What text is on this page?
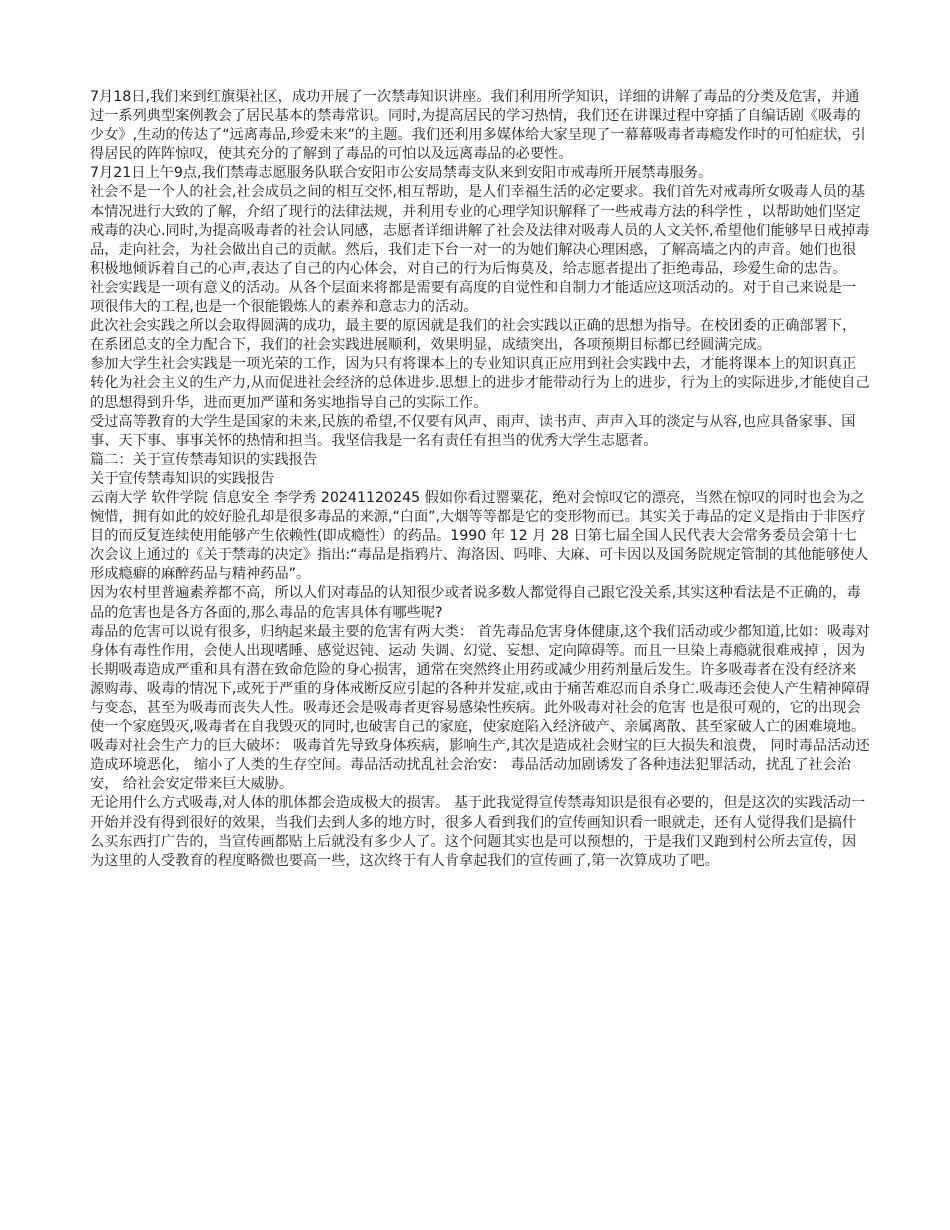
7月18日,我们来到红旗渠社区，成功开展了一次禁毒知识讲座。我们利用所学知识，详细的讲解了毒品的分类及危害，并通过一系列典型案例教会了居民基本的禁毒常识。同时,为提高居民的学习热情，我们还在讲课过程中穿插了自编话剧《吸毒的少女》,生动的传达了“远离毒品,珍爱未来”的主题。我们还利用多媒体给大家呈现了一幕幕吸毒者毒瘾发作时的可怕症状，引得居民的阵阵惊叹，使其充分的了解到了毒品的可怕以及远离毒品的必要性。

7月21日上午9点,我们禁毒志愿服务队联合安阳市公安局禁毒支队来到安阳市戒毒所开展禁毒服务。

社会不是一个人的社会,社会成员之间的相互交怀,相互帮助，是人们幸福生活的必定要求。我们首先对戒毒所女吸毒人员的基本情况进行大致的了解，介绍了现行的法律法规，并利用专业的心理学知识解释了一些戒毒方法的科学性 ，以帮助她们坚定戒毒的决心.同时,为提高吸毒者的社会认同感，志愿者详细讲解了社会及法律对吸毒人员的人文关怀,希望他们能够早日戒掉毒品，走向社会，为社会做出自己的贡献。然后，我们走下台一对一的为她们解决心理困惑，了解高墙之内的声音。她们也很积极地倾诉着自己的心声,表达了自己的内心体会，对自己的行为后悔莫及，给志愿者提出了拒绝毒品，珍爱生命的忠告。

社会实践是一项有意义的活动。从各个层面来将都是需要有高度的自觉性和自制力才能适应这项活动的。对于自己来说是一项很伟大的工程,也是一个很能锻炼人的素养和意志力的活动。

此次社会实践之所以会取得圆满的成功，最主要的原因就是我们的社会实践以正确的思想为指导。在校团委的正确部署下，在系团总支的全力配合下，我们的社会实践进展顺利，效果明显，成绩突出，各项预期目标都已经圆满完成。

参加大学生社会实践是一项光荣的工作，因为只有将课本上的专业知识真正应用到社会实践中去，才能将课本上的知识真正转化为社会主义的生产力,从而促进社会经济的总体进步.思想上的进步才能带动行为上的进步，行为上的实际进步,才能使自己的思想得到升华，进而更加严谨和务实地指导自己的实际工作。

受过高等教育的大学生是国家的未来,民族的希望,不仅要有风声、雨声、读书声、声声入耳的淡定与从容,也应具备家事、国事、天下事、事事关怀的热情和担当。我坚信我是一名有责任有担当的优秀大学生志愿者。

篇二：关于宣传禁毒知识的实践报告

关于宣传禁毒知识的实践报告

云南大学 软件学院 信息安全 李学秀 20241120245 假如你看过罂粟花，绝对会惊叹它的漂亮，当然在惊叹的同时也会为之惋惜，拥有如此的姣好脸孔却是很多毒品的来源,“白面”,大烟等等都是它的变形物而已。其实关于毒品的定义是指由于非医疗目的而反复连续使用能够产生依赖性(即成瘾性）的药品。1990 年 12 月 28 日第七届全国人民代表大会常务委员会第十七次会议上通过的《关于禁毒的决定》指出:“毒品是指鸦片、海洛因、吗啡、大麻、可卡因以及国务院规定管制的其他能够使人形成瘾癖的麻醉药品与精神药品”。

因为农村里普遍素养都不高，所以人们对毒品的认知很少或者说多数人都觉得自己跟它没关系,其实这种看法是不正确的，毒品的危害也是各方各面的,那么毒品的危害具体有哪些呢?

毒品的危害可以说有很多，归纳起来最主要的危害有两大类： 首先毒品危害身体健康,这个我们活动或少都知道,比如：吸毒对身体有毒性作用，会使人出现嗜睡、感觉迟钝、运动 失调、幻觉、妄想、定向障碍等。而且一旦染上毒瘾就很难戒掉 ，因为长期吸毒造成严重和具有潜在致命危险的身心损害，通常在突然终止用药或减少用药剂量后发生。许多吸毒者在没有经济来源购毒、吸毒的情况下,或死于严重的身体戒断反应引起的各种并发症,或由于痛苦难忍而自杀身亡.吸毒还会使人产生精神障碍与变态，甚至为吸毒而丧失人性。吸毒还会是吸毒者更容易感染性疾病。此外吸毒对社会的危害 也是很可观的，它的出现会使一个家庭毁灭,吸毒者在自我毁灭的同时,也破害自己的家庭，使家庭陷入经济破产、亲属离散、甚至家破人亡的困难境地。吸毒对社会生产力的巨大破坏： 吸毒首先导致身体疾病，影响生产,其次是造成社会财宝的巨大损失和浪费， 同时毒品活动还造成环境恶化， 缩小了人类的生存空间。毒品活动扰乱社会治安： 毒品活动加剧诱发了各种违法犯罪活动，扰乱了社会治安， 给社会安定带来巨大威胁。

无论用什么方式吸毒,对人体的肌体都会造成极大的损害。 基于此我觉得宣传禁毒知识是很有必要的，但是这次的实践活动一开始并没有得到很好的效果，当我们去到人多的地方时，很多人看到我们的宣传画知识看一眼就走，还有人觉得我们是搞什么买东西打广告的，当宣传画都贴上后就没有多少人了。这个问题其实也是可以预想的，于是我们又跑到村公所去宣传，因为这里的人受教育的程度略微也要高一些，这次终于有人肯拿起我们的宣传画了,第一次算成功了吧。
